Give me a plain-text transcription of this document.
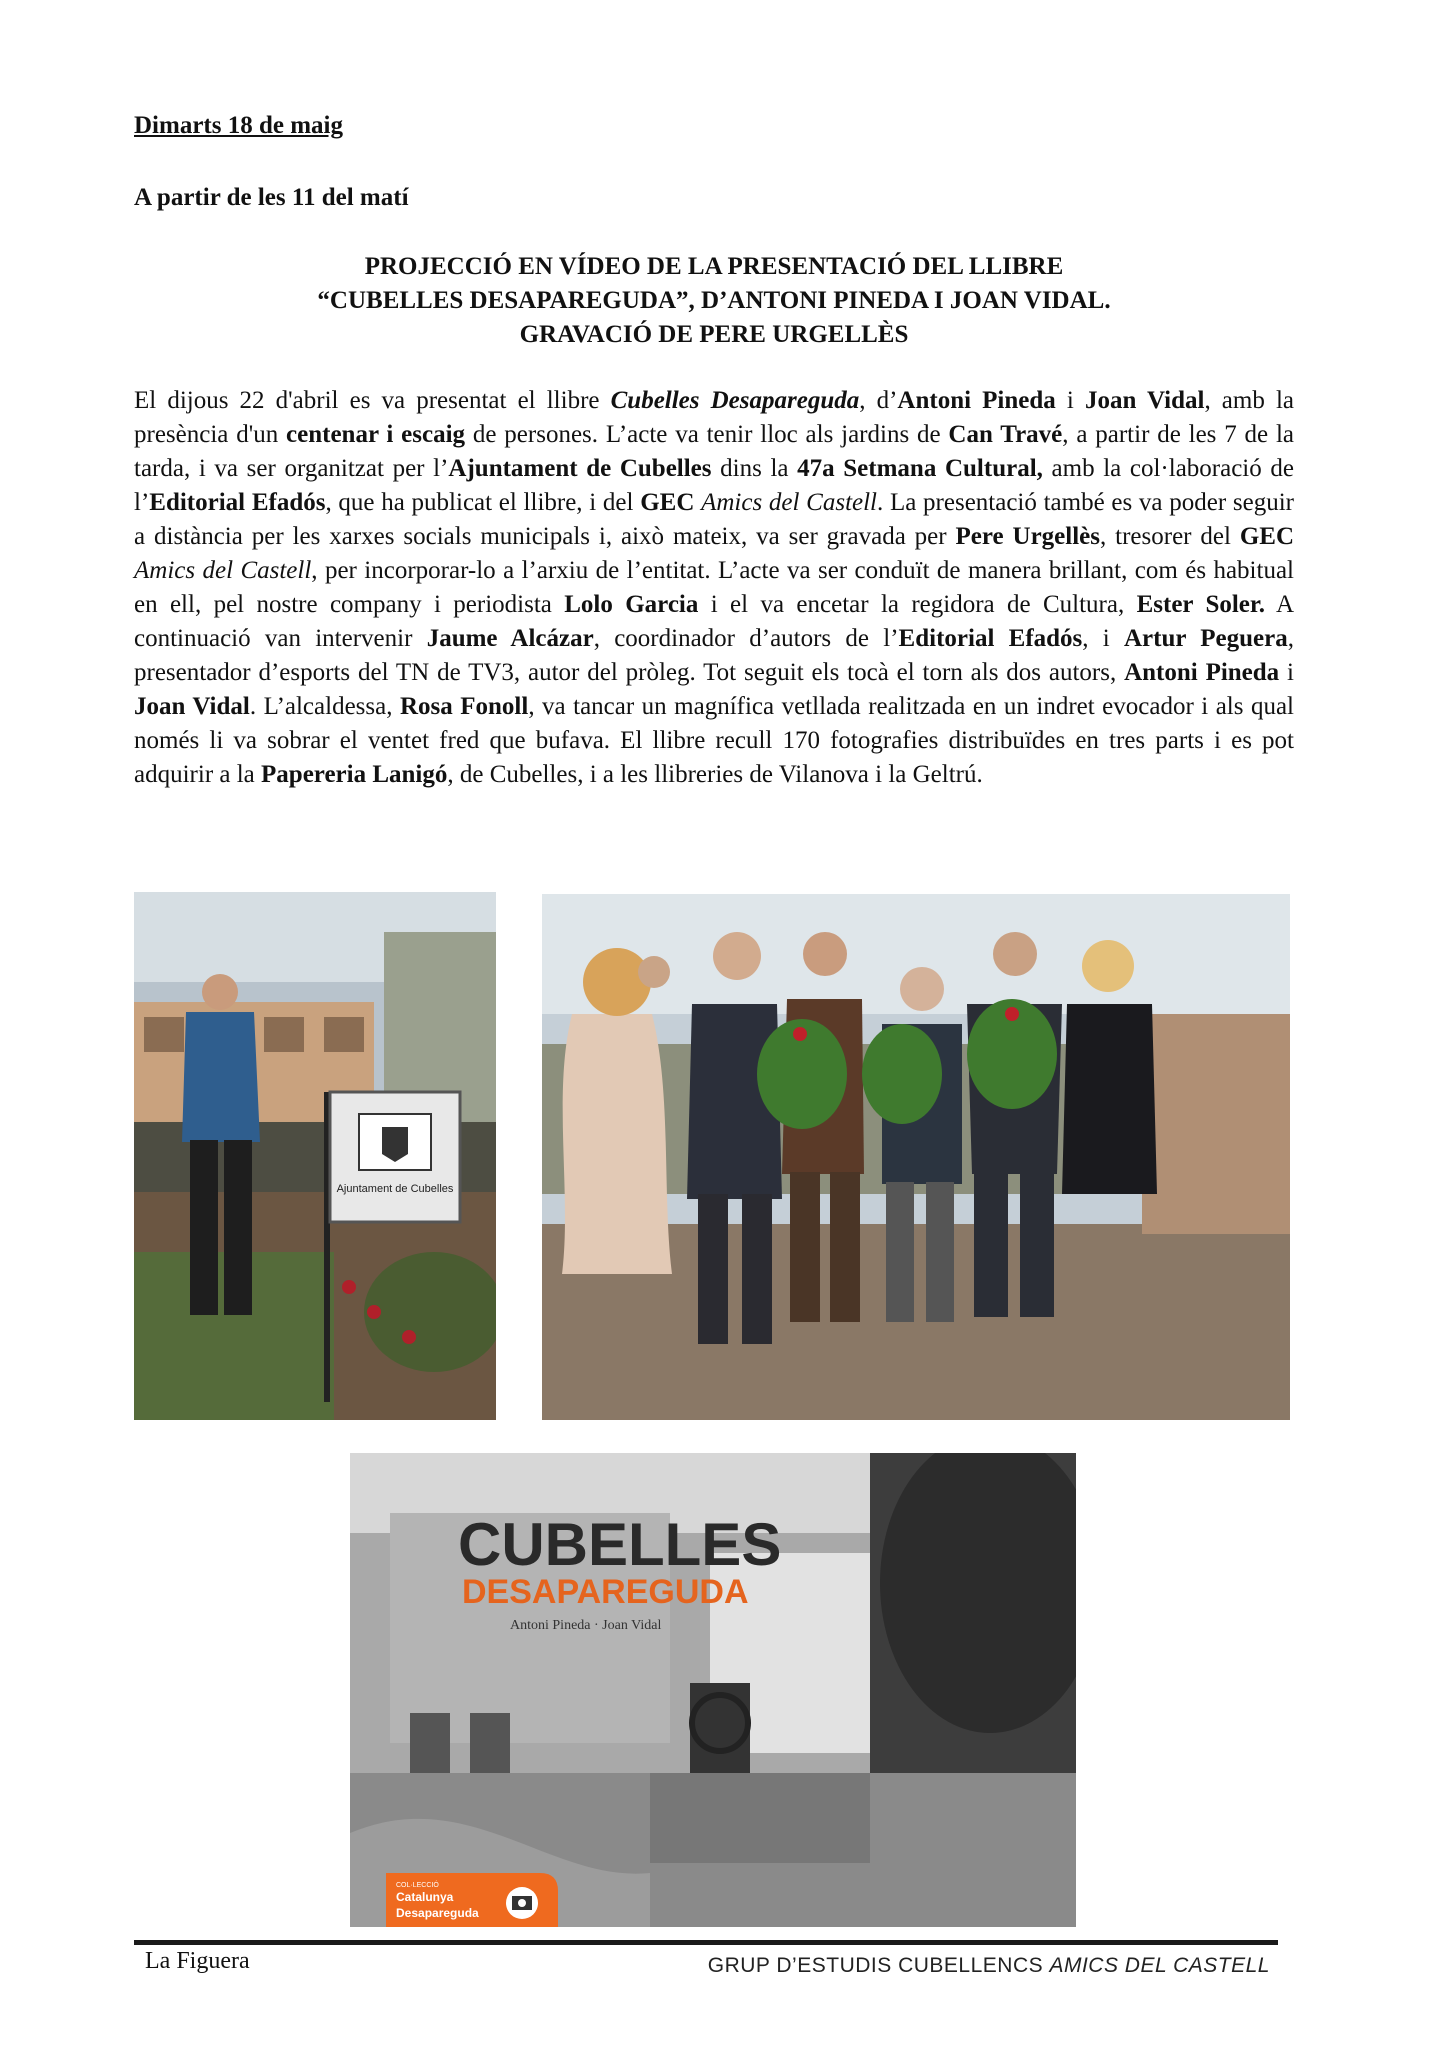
Dimarts 18 de maig

A partir de les 11 del matí

PROJECCIÓ EN VÍDEO DE LA PRESENTACIÓ DEL LLIBRE
“CUBELLES DESAPAREGUDA”, D’ANTONI PINEDA I JOAN VIDAL.
GRAVACIÓ DE PERE URGELLÈS

El dijous 22 d'abril es va presentat el llibre Cubelles Desapareguda, d’Antoni Pineda i Joan Vidal, amb la presència d'un centenar i escaig de persones. L’acte va tenir lloc als jardins de Can Travé, a partir de les 7 de la tarda, i va ser organitzat per l’Ajuntament de Cubelles dins la 47a Setmana Cultural, amb la col·laboració de l’Editorial Efadós, que ha publicat el llibre, i del GEC Amics del Castell. La presentació també es va poder seguir a distància per les xarxes socials municipals i, això mateix, va ser gravada per Pere Urgellès, tresorer del GEC Amics del Castell, per incorporar-lo a l’arxiu de l’entitat. L’acte va ser conduït de manera brillant, com és habitual en ell, pel nostre company i periodista Lolo Garcia i el va encetar la regidora de Cultura, Ester Soler. A continuació van intervenir Jaume Alcázar, coordinador d’autors de l’Editorial Efadós, i Artur Peguera, presentador d’esports del TN de TV3, autor del pròleg. Tot seguit els tocà el torn als dos autors, Antoni Pineda i Joan Vidal. L’alcaldessa, Rosa Fonoll, va tancar un magnífica vetllada realitzada en un indret evocador i als qual només li va sobrar el ventet fred que bufava. El llibre recull 170 fotografies distribuïdes en tres parts i es pot adquirir a la Papereria Lanigó, de Cubelles, i a les llibreries de Vilanova i la Geltrú.

Ajuntament de Cubelles
CUBELLES
DESAPAREGUDA
Antoni Pineda · Joan Vidal
COL·LECCIÓ
Catalunya
Desapareguda

La Figuera	GRUP D’ESTUDIS CUBELLENCS AMICS DEL CASTELL
